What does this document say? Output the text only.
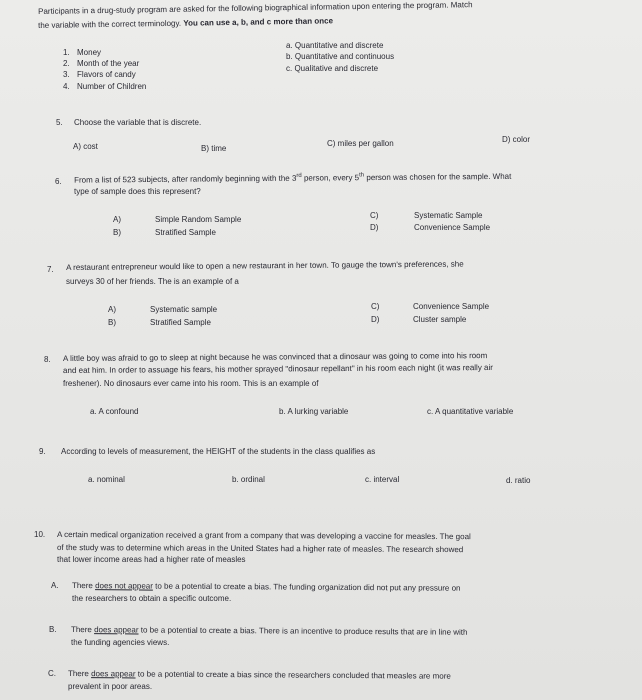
Participants in a drug-study program are asked for the following biographical information upon entering the program. Match
the variable with the correct terminology. You can use a, b, and c more than once
1. Money
2. Month of the year
3. Flavors of candy
4. Number of Children
a. Quantitative and discrete
b. Quantitative and continuous
c. Qualitative and discrete
5. Choose the variable that is discrete.
A) cost	B) time
C) miles per gallon	D) color
6. From a list of 523 subjects, after randomly beginning with the 3rd person, every 5th person was chosen for the sample. What
type of sample does this represent?
A)	Simple Random Sample
B)	Stratified Sample
C)	Systematic Sample
D)	Convenience Sample
7. A restaurant entrepreneur would like to open a new restaurant in her town. To gauge the town's preferences, she
surveys 30 of her friends. The is an example of a
A)	Systematic sample
B)	Stratified Sample
C)	Convenience Sample
D)	Cluster sample
8. A little boy was afraid to go to sleep at night because he was convinced that a dinosaur was going to come into his room
and eat him. In order to assuage his fears, his mother sprayed "dinosaur repellant" in his room each night (it was really air
freshener). No dinosaurs ever came into his room. This is an example of
a. A confound	b. A lurking variable	c. A quantitative variable
9. According to levels of measurement, the HEIGHT of the students in the class qualifies as
a. nominal	b. ordinal	c. interval	d. ratio
10. A certain medical organization received a grant from a company that was developing a vaccine for measles. The goal
of the study was to determine which areas in the United States had a higher rate of measles. The research showed
that lower income areas had a higher rate of measles
A. There does not appear to be a potential to create a bias. The funding organization did not put any pressure on
the researchers to obtain a specific outcome.
B. There does appear to be a potential to create a bias. There is an incentive to produce results that are in line with
the funding agencies views.
C. There does appear to be a potential to create a bias since the researchers concluded that measles are more
prevalent in poor areas.
